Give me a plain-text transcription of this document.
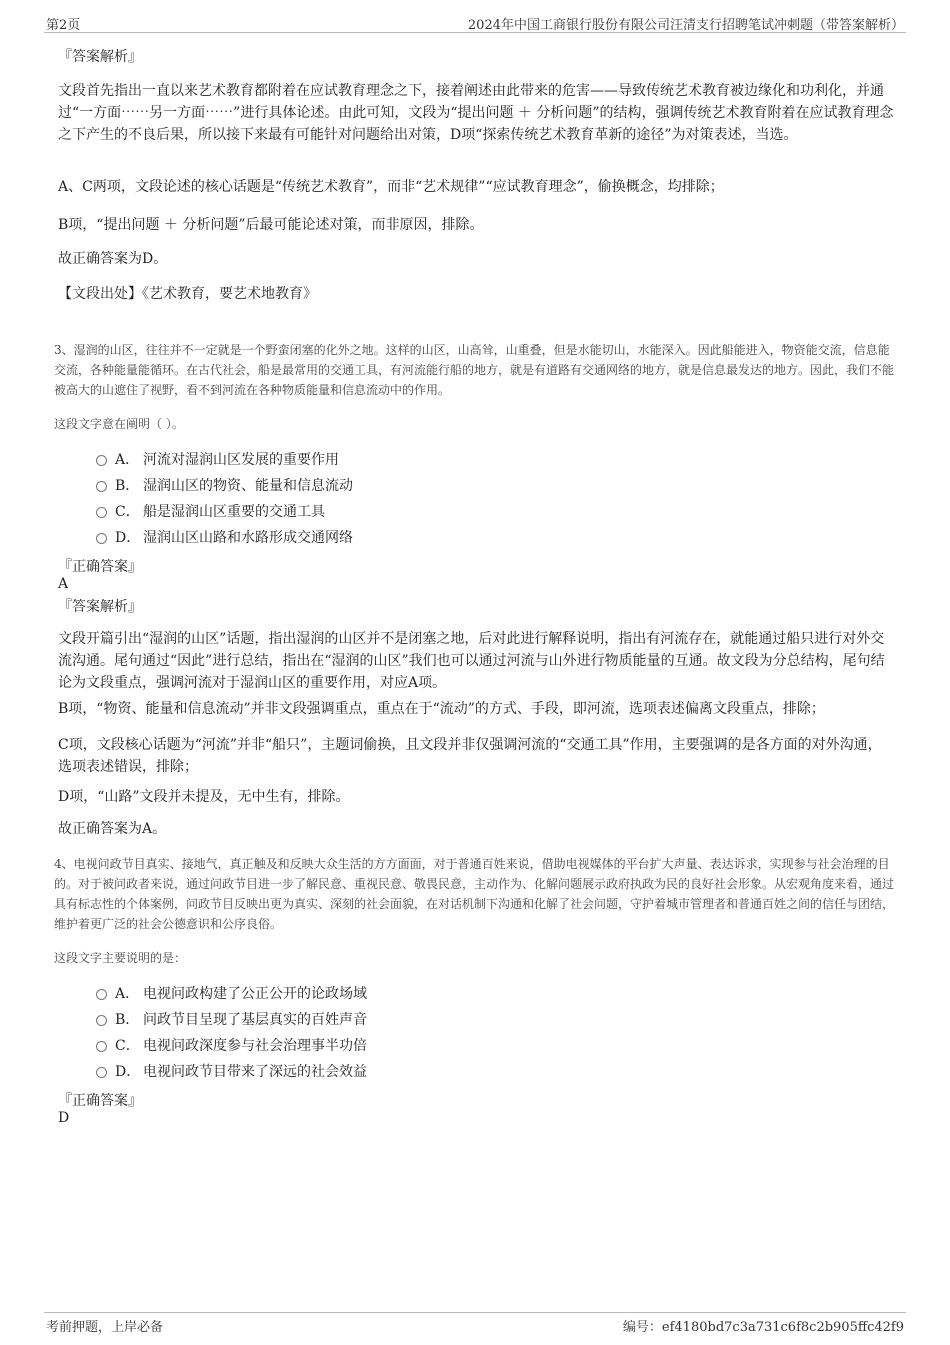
第2页	2024年中国工商银行股份有限公司汪清支行招聘笔试冲刺题（带答案解析）
『答案解析』

文段首先指出一直以来艺术教育都附着在应试教育理念之下，接着阐述由此带来的危害——导致传统艺术教育被边缘化和功利化，并通过“一方面⋯⋯另一方面⋯⋯”进行具体论述。由此可知，文段为“提出问题 ＋ 分析问题”的结构，强调传统艺术教育附着在应试教育理念之下产生的不良后果，所以接下来最有可能针对问题给出对策，D项“探索传统艺术教育革新的途径”为对策表述，当选。

A、C两项，文段论述的核心话题是“传统艺术教育”，而非“艺术规律”“应试教育理念”，偷换概念，均排除；

B项，“提出问题 ＋ 分析问题”后最可能论述对策，而非原因，排除。

故正确答案为D。

【文段出处】《艺术教育，要艺术地教育》

3、湿润的山区，往往并不一定就是一个野蛮闭塞的化外之地。这样的山区，山高耸，山重叠，但是水能切山，水能深入。因此船能进入，物资能交流，信息能交流，各种能量能循环。在古代社会，船是最常用的交通工具，有河流能行船的地方，就是有道路有交通网络的地方，就是信息最发达的地方。因此，我们不能被高大的山遮住了视野，看不到河流在各种物质能量和信息流动中的作用。

这段文字意在阐明（ ）。

A． 河流对湿润山区发展的重要作用
B． 湿润山区的物资、能量和信息流动
C． 船是湿润山区重要的交通工具
D． 湿润山区山路和水路形成交通网络
『正确答案』
A
『答案解析』

文段开篇引出“湿润的山区”话题，指出湿润的山区并不是闭塞之地，后对此进行解释说明，指出有河流存在，就能通过船只进行对外交流沟通。尾句通过“因此”进行总结，指出在“湿润的山区”我们也可以通过河流与山外进行物质能量的互通。故文段为分总结构，尾句结论为文段重点，强调河流对于湿润山区的重要作用，对应A项。

B项，“物资、能量和信息流动”并非文段强调重点，重点在于“流动”的方式、手段，即河流，选项表述偏离文段重点，排除；

C项，文段核心话题为“河流”并非“船只”，主题词偷换，且文段并非仅强调河流的“交通工具”作用，主要强调的是各方面的对外沟通，选项表述错误，排除；

D项，“山路”文段并未提及，无中生有，排除。

故正确答案为A。

4、电视问政节目真实、接地气，真正触及和反映大众生活的方方面面，对于普通百姓来说，借助电视媒体的平台扩大声量、表达诉求，实现参与社会治理的目的。对于被问政者来说，通过问政节目进一步了解民意、重视民意、敬畏民意，主动作为、化解问题展示政府执政为民的良好社会形象。从宏观角度来看，通过具有标志性的个体案例，问政节目反映出更为真实、深刻的社会面貌，在对话机制下沟通和化解了社会问题，守护着城市管理者和普通百姓之间的信任与团结，维护着更广泛的社会公德意识和公序良俗。

这段文字主要说明的是：

A． 电视问政构建了公正公开的论政场域
B． 问政节目呈现了基层真实的百姓声音
C． 电视问政深度参与社会治理事半功倍
D． 电视问政节目带来了深远的社会效益
『正确答案』
D
考前押题，上岸必备	编号：ef4180bd7c3a731c6f8c2b905ffc42f9
